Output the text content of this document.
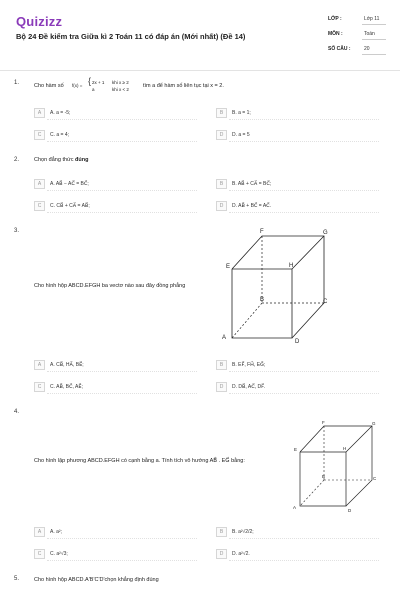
Quizizz
Bộ 24 Đề kiểm tra Giữa kì 2 Toán 11 có đáp án (Mới nhất) (Đề 14)
LỚP :	Lớp 11
MÔN :	Toán
SỐ CÂU :	20
1.	Cho hàm số f(x) = { 2x + 1 khi x ≥ 2
a	khi x < 2
tìm a để hàm số liên tục tại x = 2.
A	A. a = -5;	B	B. a = 1;
C	C. a = 4;	D	D. a = 5
2.	Chọn đẳng thức đúng
A	A. AB⃗ − AC⃗ = BC⃗;	B	B. AB⃗ + CA⃗ = BC⃗;
C	C. CB⃗ + CA⃗ = AB⃗;	D	D. AB⃗ + BC⃗ = AC⃗.
3.
Cho hình hộp ABCD.EFGH ba vectơ nào sau đây đồng phẳng
E
F	G
H
B	C
A
D
A	A. CB⃗, HA⃗, BE⃗;	B	B. EF⃗, FH⃗, EG⃗;
C	C. AB⃗, BC⃗, AE⃗;	D	D. DB⃗, AC⃗, DF⃗.
4.
Cho hình lập phương ABCD.EFGH có cạnh bằng a. Tính tích vô hướng AB⃗ . EG⃗ bằng:
E
F	G
H
B	C
A
D
A	A. a²;	B	B. a²√2/2;
C	C. a²√3;	D	D. a²√2.
5.	Cho hình hộp ABCD.A'B'C'D'chọn khẳng định đúng
